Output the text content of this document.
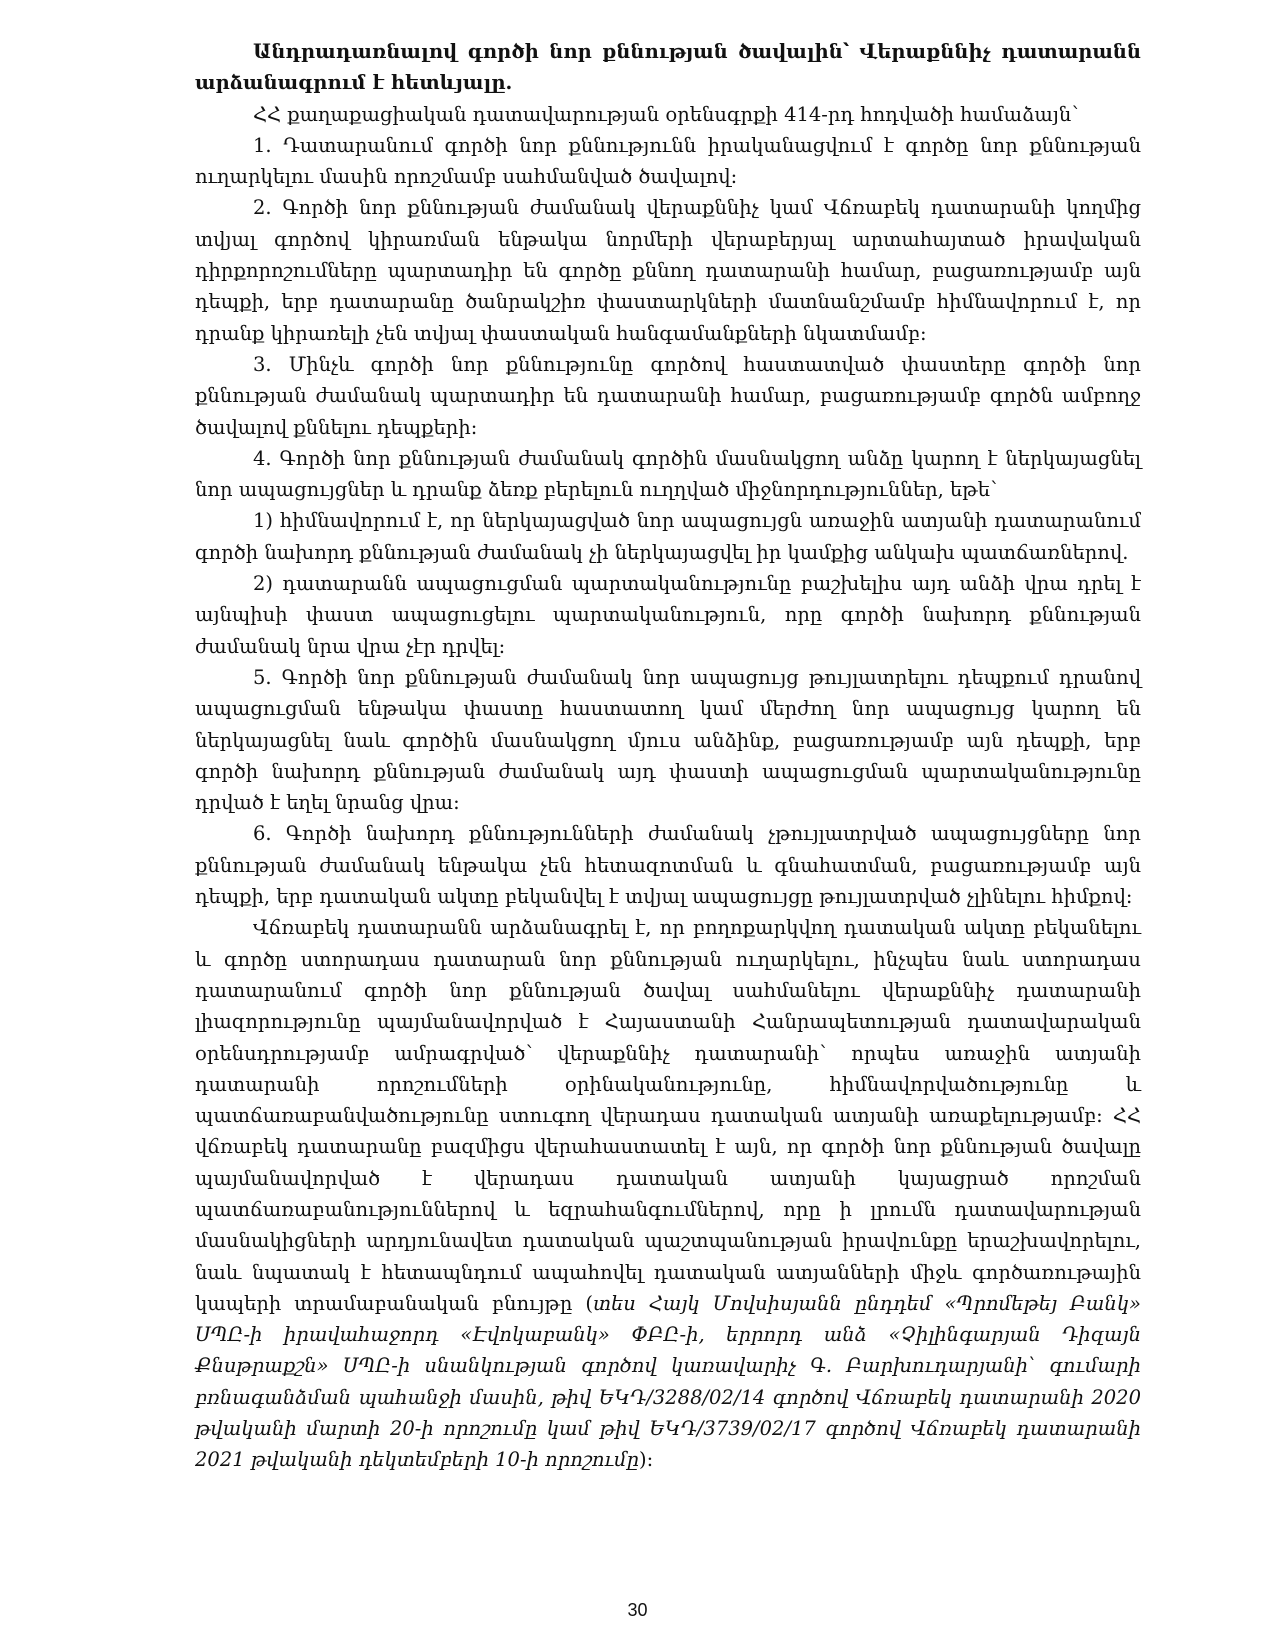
Անդրադառնալով գործի նոր քննության ծավալին՝ Վերաքննիչ դատարանն արձանագրում է հետևյալը.

ՀՀ քաղաքացիական դատավարության օրենսգրքի 414-րդ հոդվածի համաձայն՝

1. Դատարանում գործի նոր քննությունն իրականացվում է գործը նոր քննության ուղարկելու մասին որոշմամբ սահմանված ծավալով:

2. Գործի նոր քննության ժամանակ վերաքննիչ կամ Վճռաբեկ դատարանի կողմից տվյալ գործով կիրառման ենթակա նորմերի վերաբերյալ արտահայտած իրավական դիրքորոշումները պարտադիր են գործը քննող դատարանի համար, բացառությամբ այն դեպքի, երբ դատարանը ծանրակշիռ փաստարկների մատնանշմամբ հիմնավորում է, որ դրանք կիրառելի չեն տվյալ փաստական հանգամանքների նկատմամբ:

3. Մինչև գործի նոր քննությունը գործով հաստատված փաստերը գործի նոր քննության ժամանակ պարտադիր են դատարանի համար, բացառությամբ գործն ամբողջ ծավալով քննելու դեպքերի:

4. Գործի նոր քննության ժամանակ գործին մասնակցող անձը կարող է ներկայացնել նոր ապացույցներ և դրանք ձեռք բերելուն ուղղված միջնորդություններ, եթե՝

1) հիմնավորում է, որ ներկայացված նոր ապացույցն առաջին ատյանի դատարանում գործի նախորդ քննության ժամանակ չի ներկայացվել իր կամքից անկախ պատճառներով.

2) դատարանն ապացուցման պարտականությունը բաշխելիս այդ անձի վրա դրել է այնպիսի փաստ ապացուցելու պարտականություն, որը գործի նախորդ քննության ժամանակ նրա վրա չէր դրվել:

5. Գործի նոր քննության ժամանակ նոր ապացույց թույլատրելու դեպքում դրանով ապացուցման ենթակա փաստը հաստատող կամ մերժող նոր ապացույց կարող են ներկայացնել նաև գործին մասնակցող մյուս անձինք, բացառությամբ այն դեպքի, երբ գործի նախորդ քննության ժամանակ այդ փաստի ապացուցման պարտականությունը դրված է եղել նրանց վրա:

6. Գործի նախորդ քննությունների ժամանակ չթույլատրված ապացույցները նոր քննության ժամանակ ենթակա չեն հետազոտման և գնահատման, բացառությամբ այն դեպքի, երբ դատական ակտը բեկանվել է տվյալ ապացույցը թույլատրված չլինելու հիմքով:

Վճռաբեկ դատարանն արձանագրել է, որ բողոքարկվող դատական ակտը բեկանելու և գործը ստորադաս դատարան նոր քննության ուղարկելու, ինչպես նաև ստորադաս դատարանում գործի նոր քննության ծավալ սահմանելու վերաքննիչ դատարանի լիազորությունը պայմանավորված է Հայաստանի Հանրապետության դատավարական օրենսդրությամբ ամրագրված՝ վերաքննիչ դատարանի՝ որպես առաջին ատյանի դատարանի որոշումների օրինականությունը, հիմնավորվածությունը և պատճառաբանվածությունը ստուգող վերադաս դատական ատյանի առաքելությամբ: ՀՀ վճռաբեկ դատարանը բազմիցս վերահաստատել է այն, որ գործի նոր քննության ծավալը պայմանավորված է վերադաս դատական ատյանի կայացրած որոշման պատճառաբանություններով և եզրահանգումներով, որը ի լրումն դատավարության մասնակիցների արդյունավետ դատական պաշտպանության իրավունքը երաշխավորելու, նաև նպատակ է հետապնդում ապահովել դատական ատյանների միջև գործառութային կապերի տրամաբանական բնույթը (տես Հայկ Մովսիսյանն ընդդեմ «Պրոմեթեյ Բանկ» ՍՊԸ-ի իրավահաջորդ «Էվոկաբանկ» ՓԲԸ-ի, երրորդ անձ «Չիլինգարյան Դիզայն Քնսթրաքշն» ՍՊԸ-ի սնանկության գործով կառավարիչ Գ. Բարխուդարյանի՝ գումարի բռնագանձման պահանջի մասին, թիվ ԵԿԴ/3288/02/14 գործով Վճռաբեկ դատարանի 2020 թվականի մարտի 20-ի որոշումը կամ թիվ ԵԿԴ/3739/02/17 գործով Վճռաբեկ դատարանի 2021 թվականի դեկտեմբերի 10-ի որոշումը):

30
